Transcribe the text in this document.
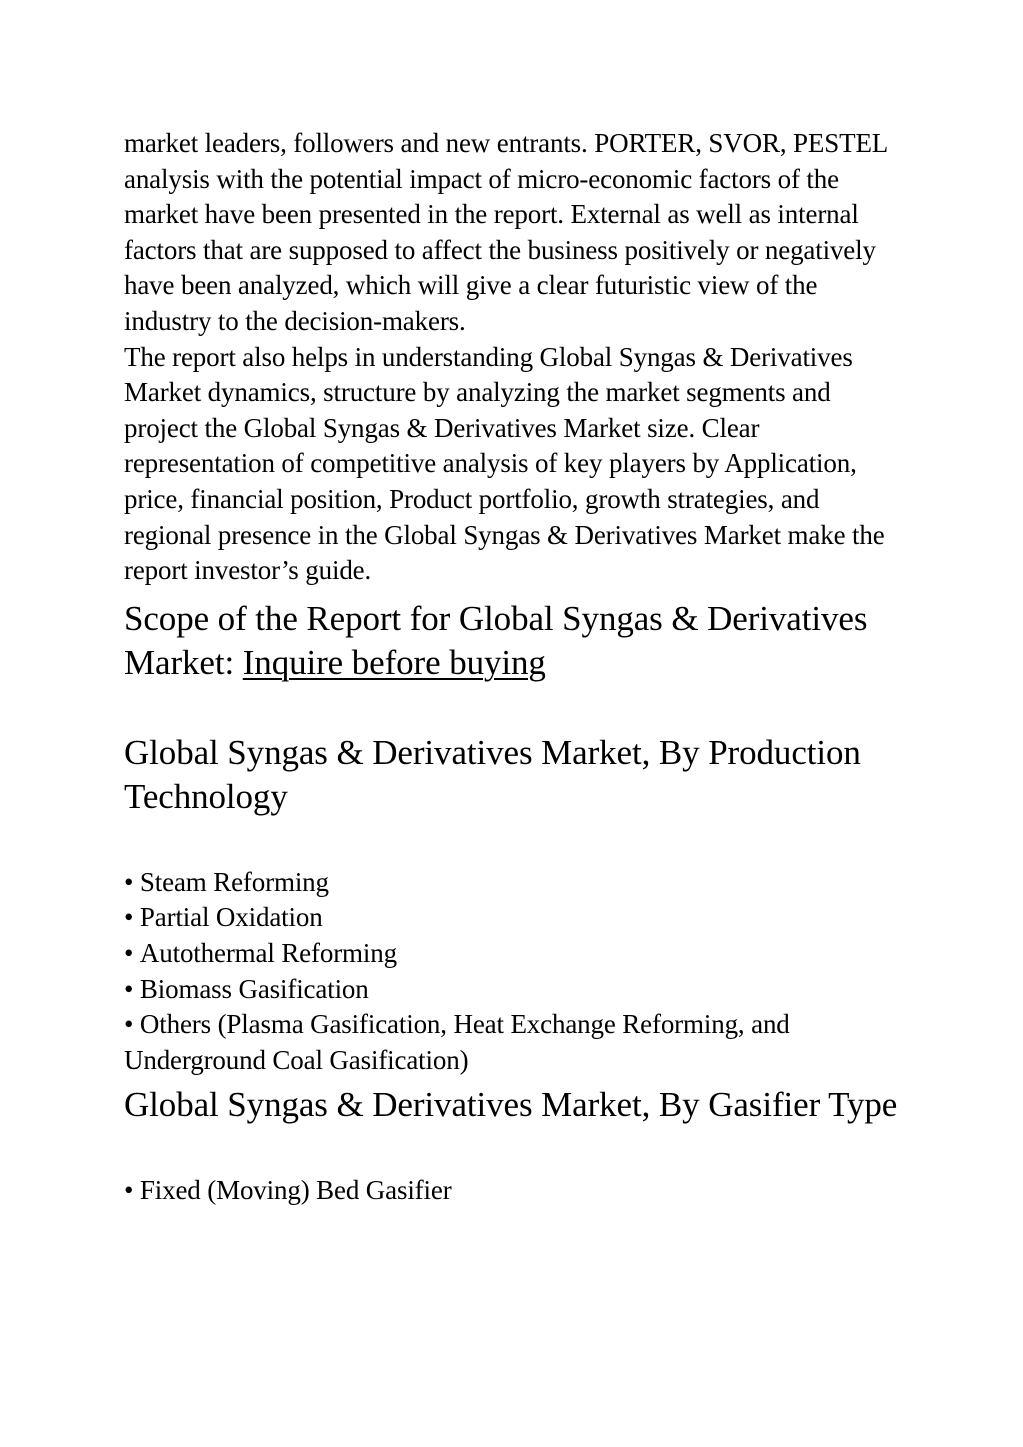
market leaders, followers and new entrants. PORTER, SVOR, PESTEL analysis with the potential impact of micro-economic factors of the market have been presented in the report. External as well as internal factors that are supposed to affect the business positively or negatively have been analyzed, which will give a clear futuristic view of the industry to the decision-makers.

The report also helps in understanding Global Syngas & Derivatives Market dynamics, structure by analyzing the market segments and project the Global Syngas & Derivatives Market size. Clear representation of competitive analysis of key players by Application, price, financial position, Product portfolio, growth strategies, and regional presence in the Global Syngas & Derivatives Market make the report investor’s guide.

Scope of the Report for Global Syngas & Derivatives Market: Inquire before buying
Global Syngas & Derivatives Market, By Production Technology
• Steam Reforming
• Partial Oxidation
• Autothermal Reforming
• Biomass Gasification
• Others (Plasma Gasification, Heat Exchange Reforming, and Underground Coal Gasification)
Global Syngas & Derivatives Market, By Gasifier Type
• Fixed (Moving) Bed Gasifier
